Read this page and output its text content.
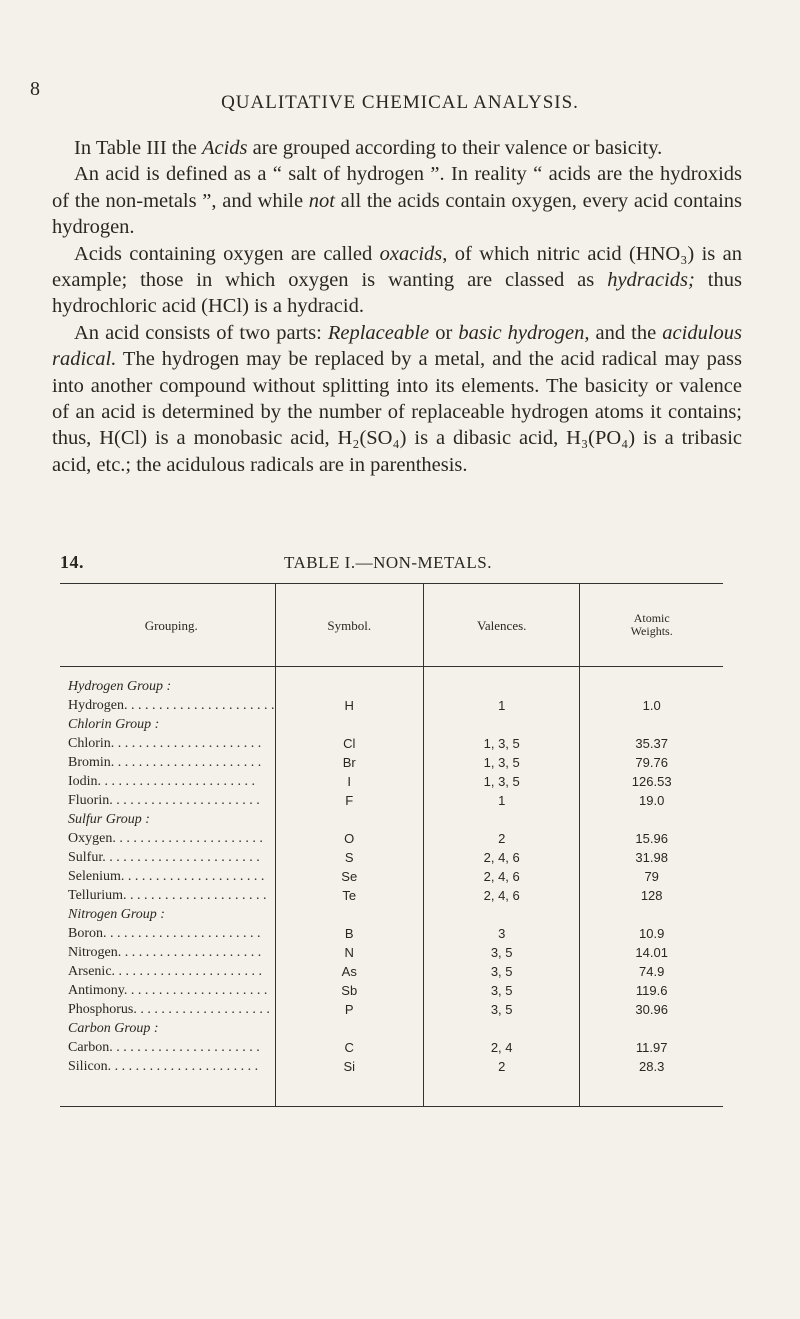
8
QUALITATIVE CHEMICAL ANALYSIS.

In Table III the Acids are grouped according to their valence or basicity.

An acid is defined as a “ salt of hydrogen ”. In reality “ acids are the hydroxids of the non-metals ”, and while not all the acids contain oxygen, every acid contains hydrogen.

Acids containing oxygen are called oxacids, of which nitric acid (HNO₃) is an example; those in which oxygen is wanting are classed as hydracids; thus hydrochloric acid (HCl) is a hydracid.

An acid consists of two parts: Replaceable or basic hydrogen, and the acidulous radical. The hydrogen may be replaced by a metal, and the acid radical may pass into another compound without splitting into its elements. The basicity or valence of an acid is determined by the number of replaceable hydrogen atoms it contains; thus, H(Cl) is a monobasic acid, H₂(SO₄) is a dibasic acid, H₃(PO₄) is a tribasic acid, etc.; the acidulous radicals are in parenthesis.

14.	TABLE I.—NON-METALS.
Grouping.	Symbol.	Valences.	Atomic
Weights.
Hydrogen Group :			
Hydrogen. . . . . . . . . . . . . . . . . . . . . .	H	1	1.0
Chlorin Group :			
Chlorin. . . . . . . . . . . . . . . . . . . . . .	Cl	1, 3, 5	35.37
Bromin. . . . . . . . . . . . . . . . . . . . . .	Br	1, 3, 5	79.76
Iodin. . . . . . . . . . . . . . . . . . . . . . .	I	1, 3, 5	126.53
Fluorin. . . . . . . . . . . . . . . . . . . . . .	F	1	19.0
Sulfur Group :			
Oxygen. . . . . . . . . . . . . . . . . . . . . .	O	2	15.96
Sulfur. . . . . . . . . . . . . . . . . . . . . . .	S	2, 4, 6	31.98
Selenium. . . . . . . . . . . . . . . . . . . . .	Se	2, 4, 6	79
Tellurium. . . . . . . . . . . . . . . . . . . . .	Te	2, 4, 6	128
Nitrogen Group :			
Boron. . . . . . . . . . . . . . . . . . . . . . .	B	3	10.9
Nitrogen. . . . . . . . . . . . . . . . . . . . .	N	3, 5	14.01
Arsenic. . . . . . . . . . . . . . . . . . . . . .	As	3, 5	74.9
Antimony. . . . . . . . . . . . . . . . . . . . .	Sb	3, 5	119.6
Phosphorus. . . . . . . . . . . . . . . . . . . .	P	3, 5	30.96
Carbon Group :			
Carbon. . . . . . . . . . . . . . . . . . . . . .	C	2, 4	11.97
Silicon. . . . . . . . . . . . . . . . . . . . . .	Si	2	28.3
